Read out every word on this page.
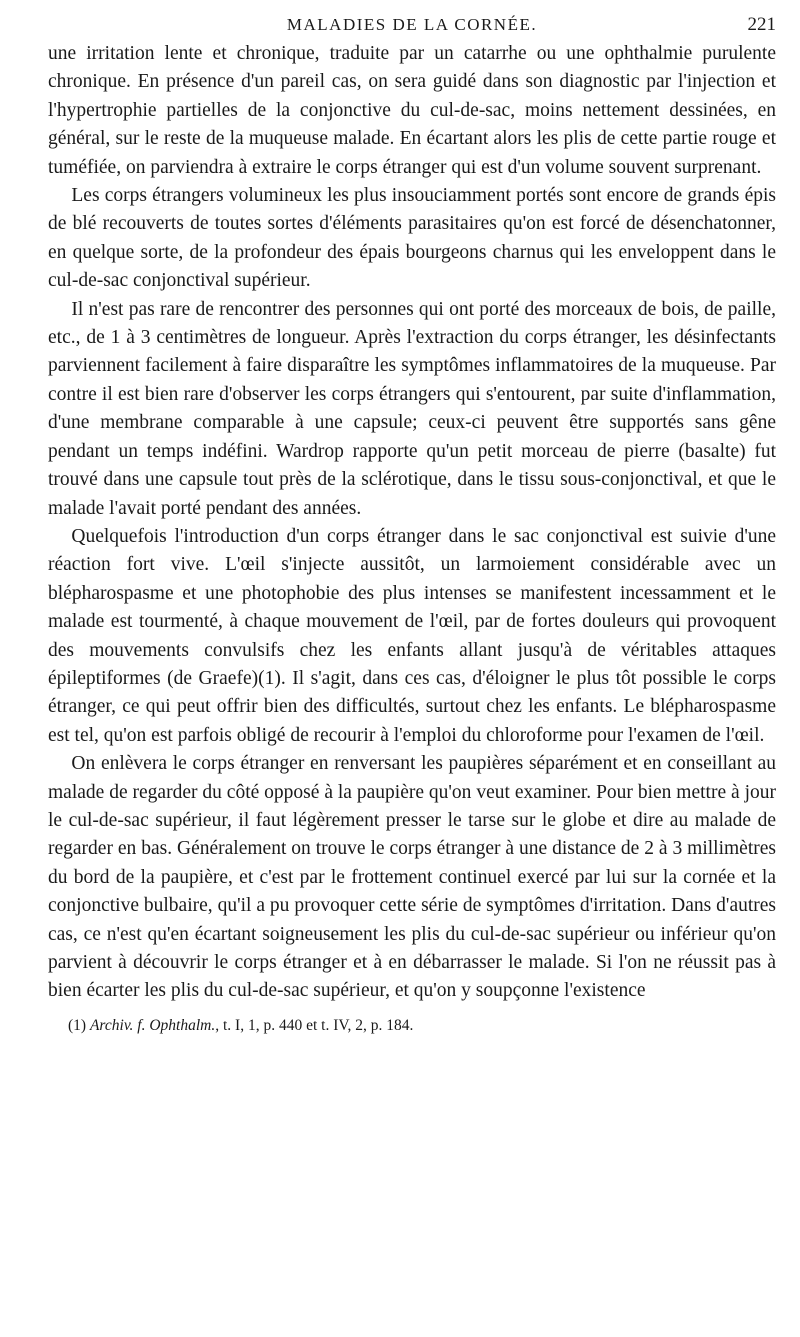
MALADIES DE LA CORNÉE.	221

une irritation lente et chronique, traduite par un catarrhe ou une ophthalmie purulente chronique. En présence d'un pareil cas, on sera guidé dans son diagnostic par l'injection et l'hypertrophie partielles de la conjonctive du cul-de-sac, moins nettement dessinées, en général, sur le reste de la muqueuse malade. En écartant alors les plis de cette partie rouge et tuméfiée, on parviendra à extraire le corps étranger qui est d'un volume souvent surprenant.

Les corps étrangers volumineux les plus insouciamment portés sont encore de grands épis de blé recouverts de toutes sortes d'éléments parasitaires qu'on est forcé de désenchatonner, en quelque sorte, de la profondeur des épais bourgeons charnus qui les enveloppent dans le cul-de-sac conjonctival supérieur.

Il n'est pas rare de rencontrer des personnes qui ont porté des morceaux de bois, de paille, etc., de 1 à 3 centimètres de longueur. Après l'extraction du corps étranger, les désinfectants parviennent facilement à faire disparaître les symptômes inflammatoires de la muqueuse. Par contre il est bien rare d'observer les corps étrangers qui s'entourent, par suite d'inflammation, d'une membrane comparable à une capsule; ceux-ci peuvent être supportés sans gêne pendant un temps indéfini. Wardrop rapporte qu'un petit morceau de pierre (basalte) fut trouvé dans une capsule tout près de la sclérotique, dans le tissu sous-conjonctival, et que le malade l'avait porté pendant des années.

Quelquefois l'introduction d'un corps étranger dans le sac conjonctival est suivie d'une réaction fort vive. L'œil s'injecte aussitôt, un larmoiement considérable avec un blépharospasme et une photophobie des plus intenses se manifestent incessamment et le malade est tourmenté, à chaque mouvement de l'œil, par de fortes douleurs qui provoquent des mouvements convulsifs chez les enfants allant jusqu'à de véritables attaques épileptiformes (de Graefe)(1). Il s'agit, dans ces cas, d'éloigner le plus tôt possible le corps étranger, ce qui peut offrir bien des difficultés, surtout chez les enfants. Le blépharospasme est tel, qu'on est parfois obligé de recourir à l'emploi du chloroforme pour l'examen de l'œil.

On enlèvera le corps étranger en renversant les paupières séparément et en conseillant au malade de regarder du côté opposé à la paupière qu'on veut examiner. Pour bien mettre à jour le cul-de-sac supérieur, il faut légèrement presser le tarse sur le globe et dire au malade de regarder en bas. Généralement on trouve le corps étranger à une distance de 2 à 3 millimètres du bord de la paupière, et c'est par le frottement continuel exercé par lui sur la cornée et la conjonctive bulbaire, qu'il a pu provoquer cette série de symptômes d'irritation. Dans d'autres cas, ce n'est qu'en écartant soigneusement les plis du cul-de-sac supérieur ou inférieur qu'on parvient à découvrir le corps étranger et à en débarrasser le malade. Si l'on ne réussit pas à bien écarter les plis du cul-de-sac supérieur, et qu'on y soupçonne l'existence

(1) Archiv. f. Ophthalm., t. I, 1, p. 440 et t. IV, 2, p. 184.
